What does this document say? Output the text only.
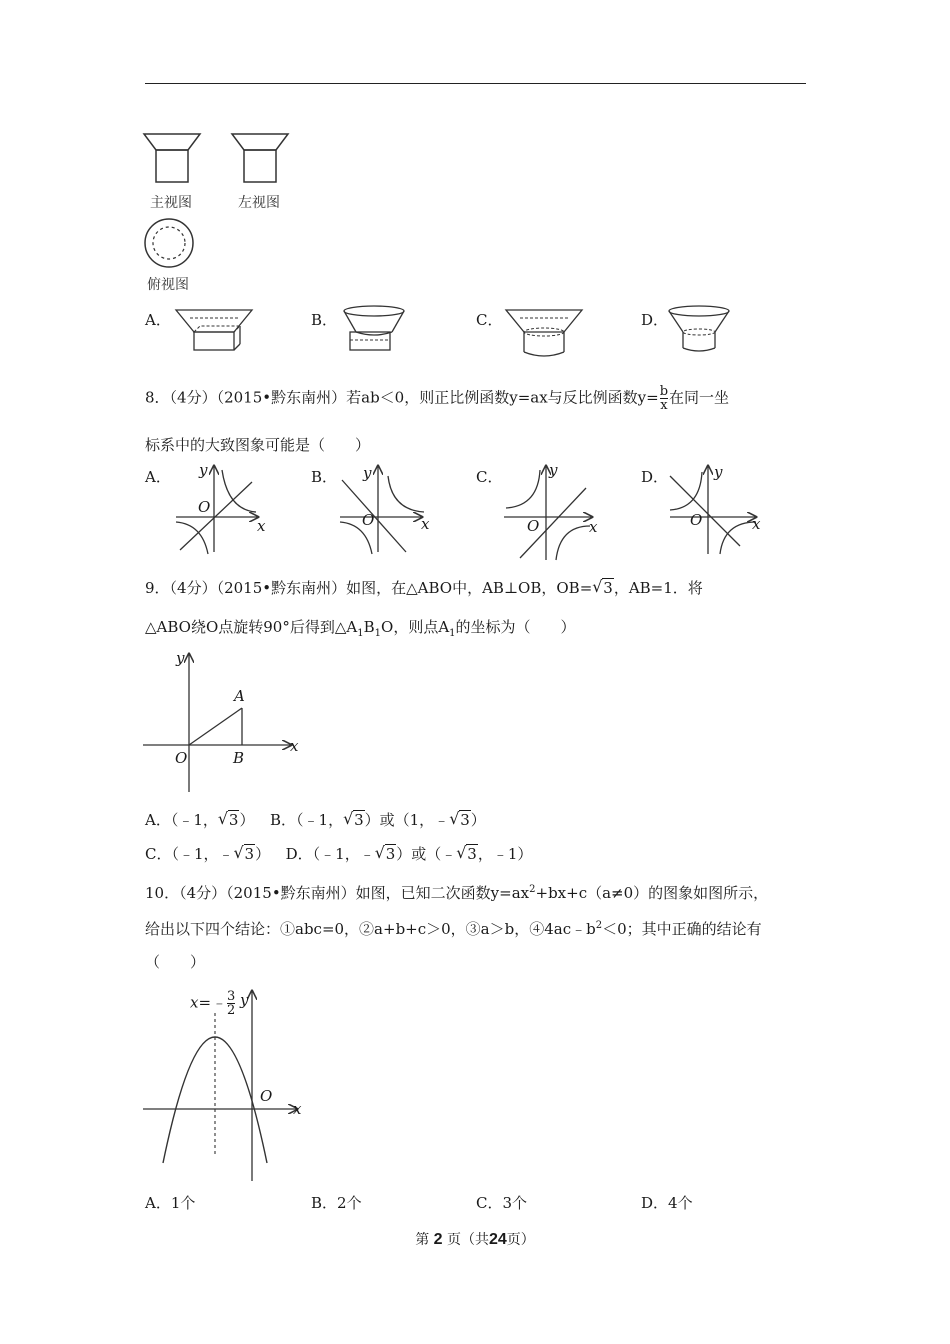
主视图	左视图
俯视图
A．	B．	C．	D．
8．（4分）（2015•黔东南州）若ab＜0，则正比例函数y=ax与反比例函数$y= \frac{b}{x}$ 在同一坐
标系中的大致图象可能是（　　）
A． y
x
O
B． y
x
O
C．	y
x
O
D．	y
x
O
9．（4分）（2015•黔东南州）如图，在△ABO中，AB⊥OB，OB= √ 3，AB=1．将
△ABO绕O点旋转90°后得到$\triangle A_1B_1O$，则点$A_1$的坐标为（　　）
y
A
x
O	B
A．（﹣1， √ 3） B．（﹣1， √ 3）或（1，﹣ √ 3）
C．（﹣1，﹣ √ 3） D．（﹣1，﹣ √ 3）或（﹣ √ 3，﹣1）
10．（4分）（2015•黔东南州）如图，已知二次函数$y=ax^2+bx+c(a\ne 0)$的图象如图所示，
给出以下四个结论：①abc=0，②a+b+c＞0，③a＞b，$④4ac﹣b^2<0$；其中正确的结论有
（　　）
x=﹣ $\frac{3}{2}$ y
O
x
A．1个	B．2个	C．3个	D．4个
第 2 页（共24页）
